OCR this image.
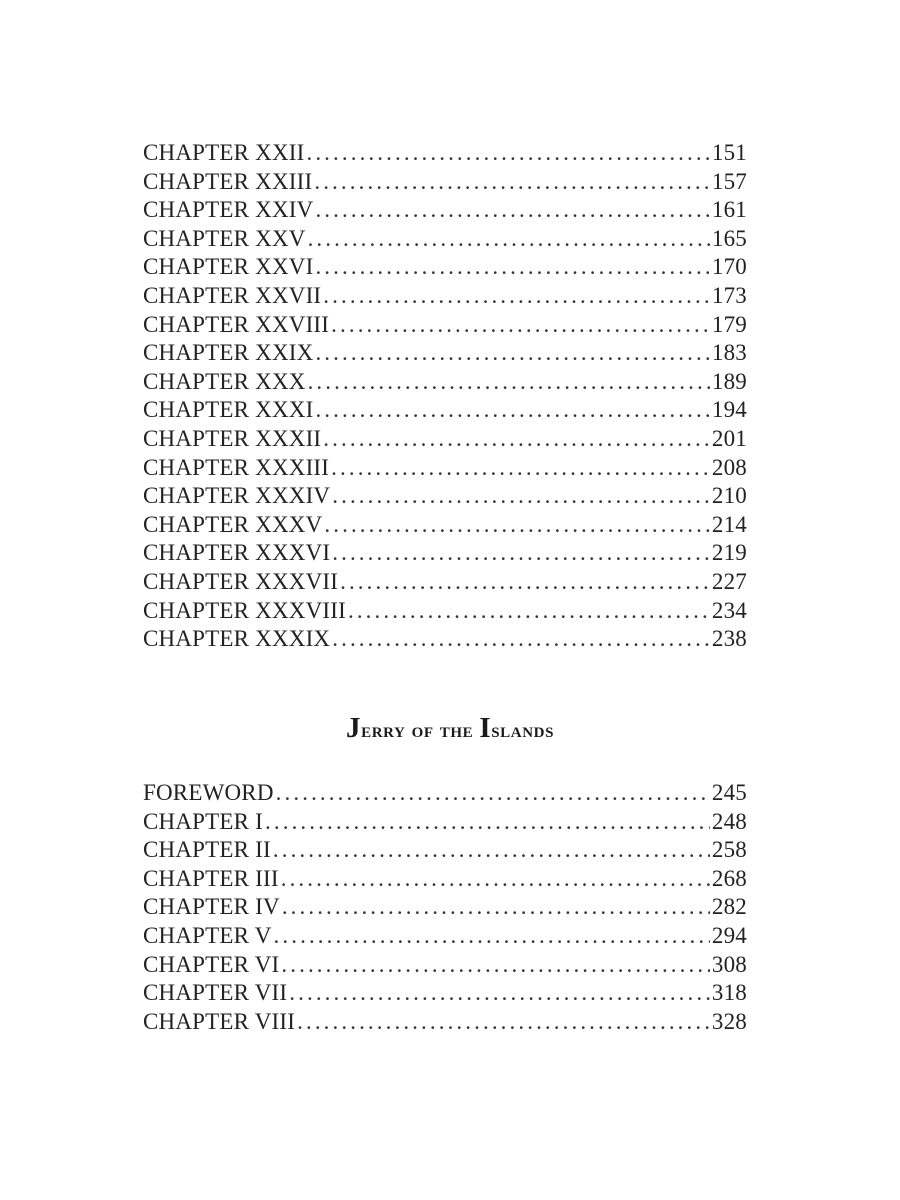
CHAPTER XXII .....	151
CHAPTER XXIII .....	157
CHAPTER XXIV .....	161
CHAPTER XXV .....	165
CHAPTER XXVI .....	170
CHAPTER XXVII .....	173
CHAPTER XXVIII .....	179
CHAPTER XXIX .....	183
CHAPTER XXX .....	189
CHAPTER XXXI .....	194
CHAPTER XXXII .....	201
CHAPTER XXXIII .....	208
CHAPTER XXXIV .....	210
CHAPTER XXXV .....	214
CHAPTER XXXVI .....	219
CHAPTER XXXVII .....	227
CHAPTER XXXVIII .....	234
CHAPTER XXXIX .....	238
Jerry of the Islands
FOREWORD .....	245
CHAPTER I .....	248
CHAPTER II .....	258
CHAPTER III .....	268
CHAPTER IV .....	282
CHAPTER V .....	294
CHAPTER VI .....	308
CHAPTER VII .....	318
CHAPTER VIII .....	328
